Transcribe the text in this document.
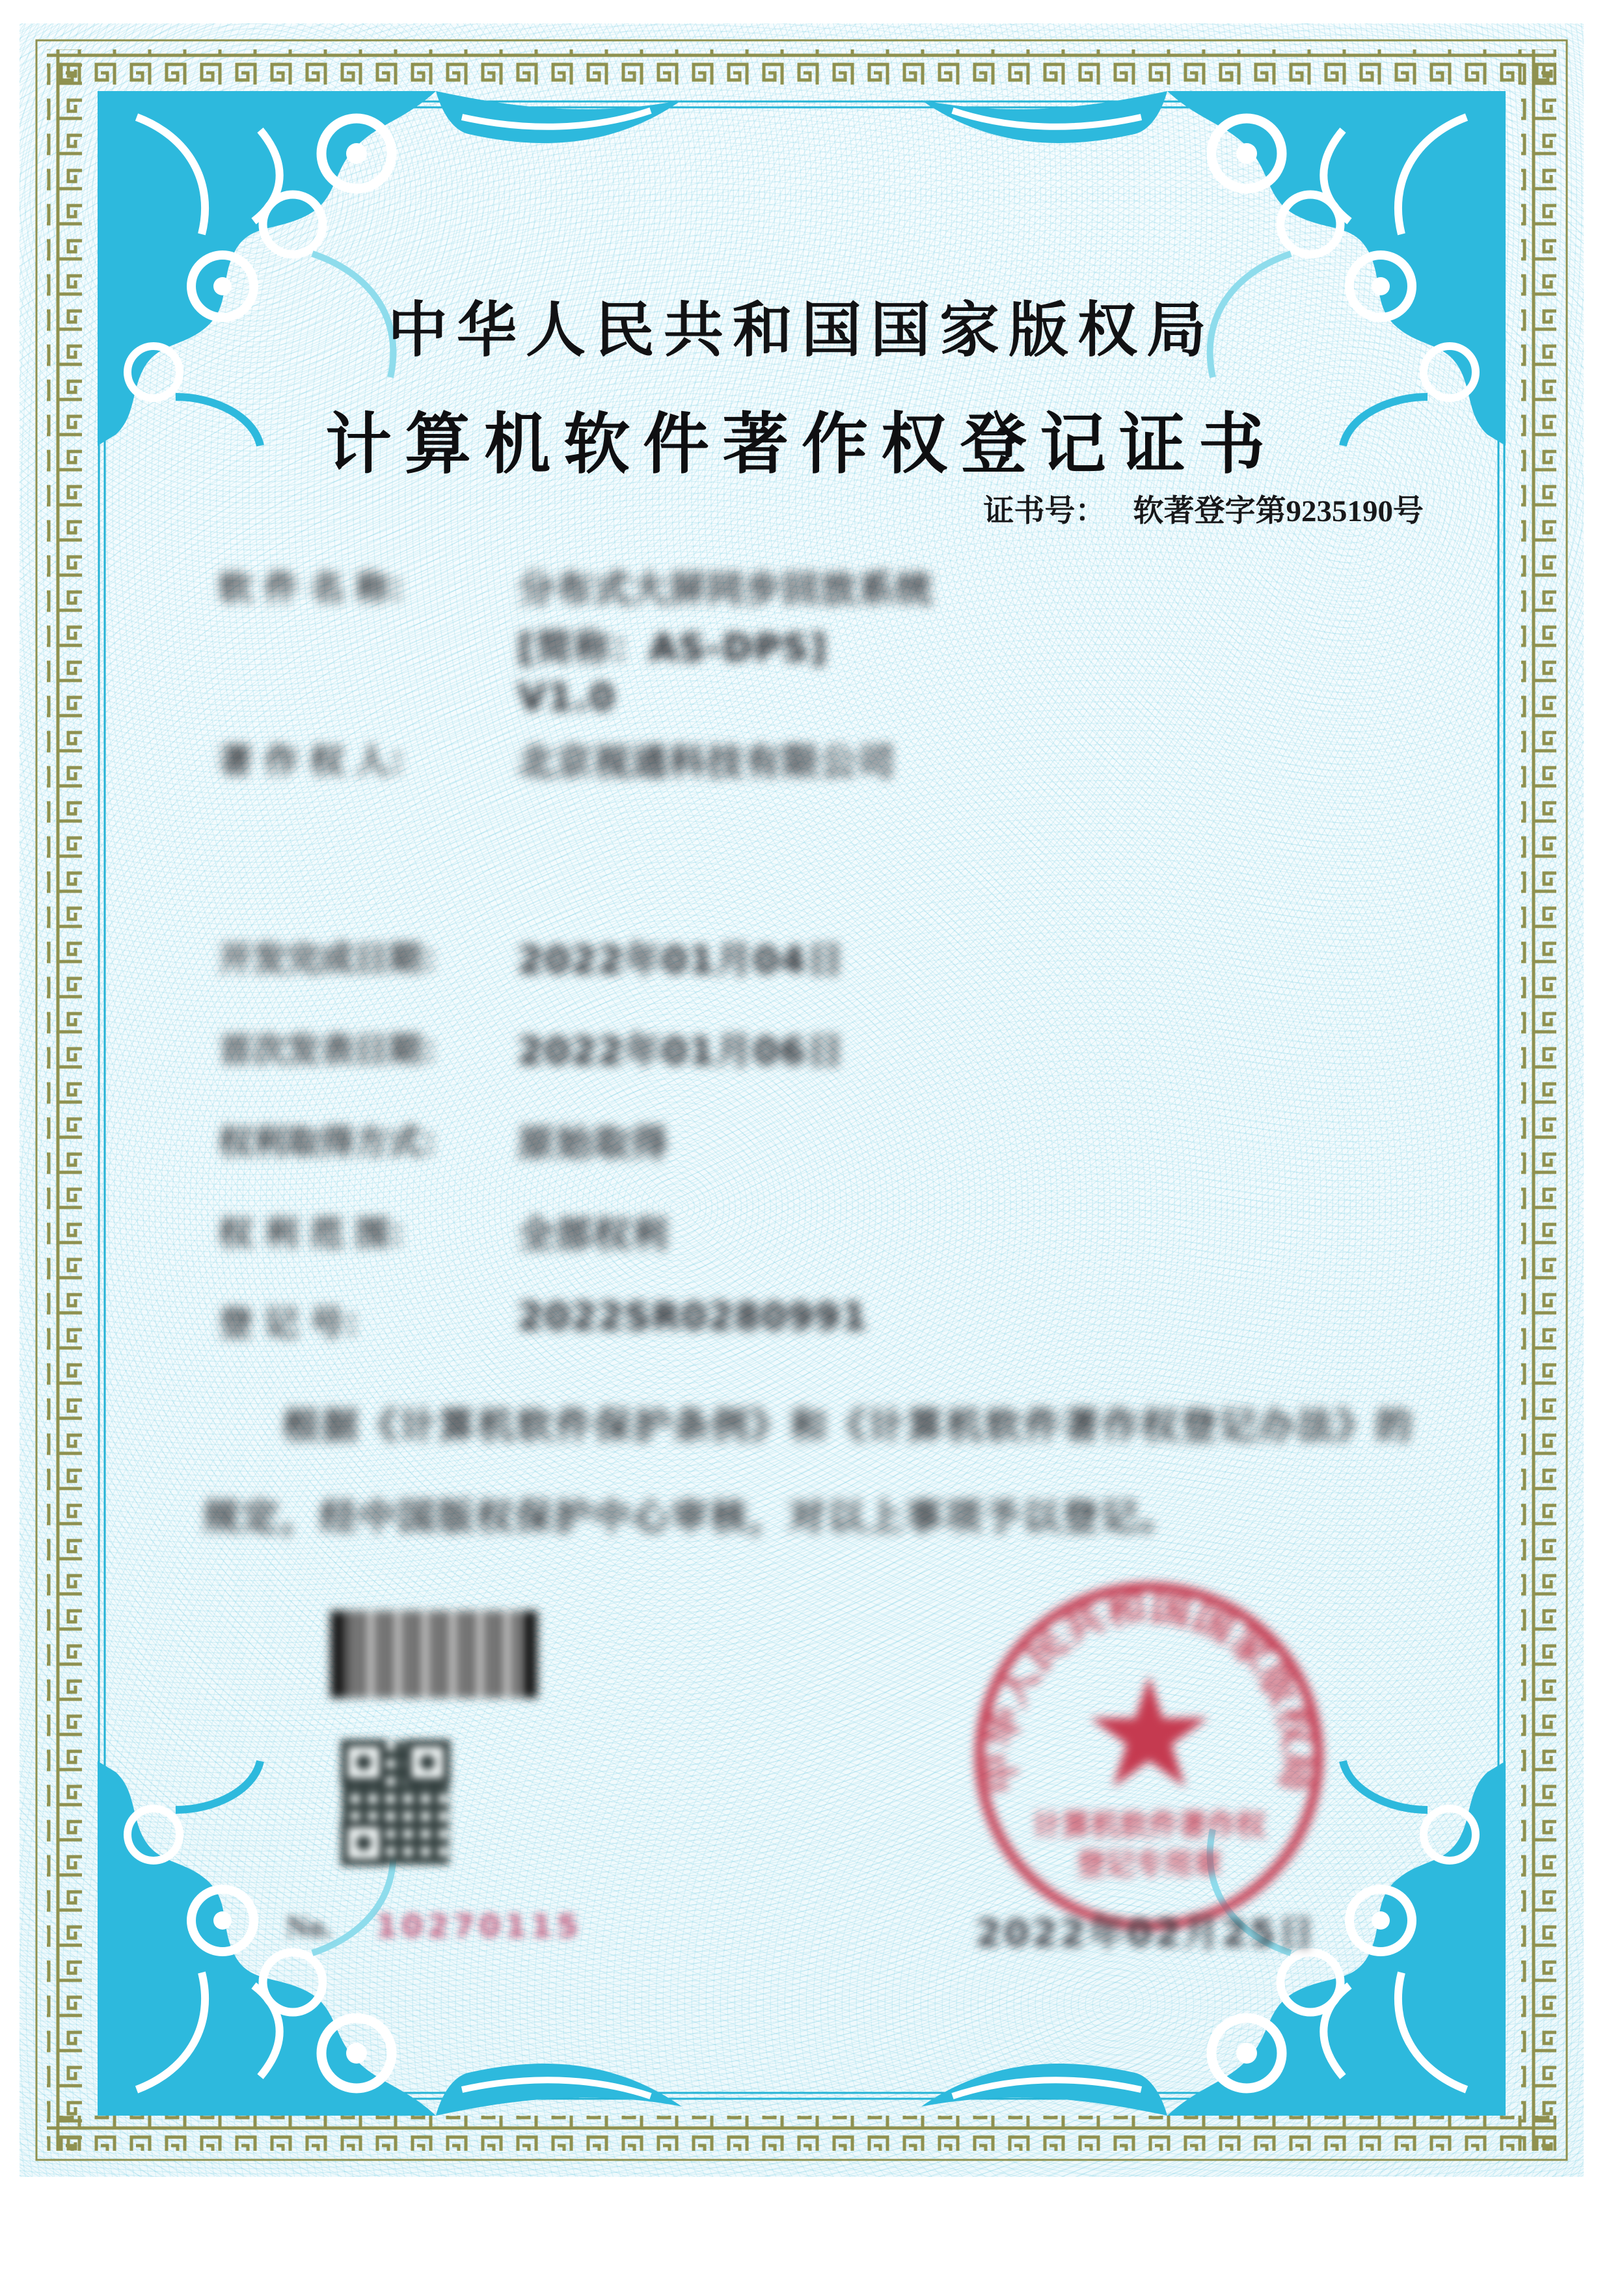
中华人民共和国国家版权局
计算机软件著作权登记证书
证书号： 软著登字第9235190号
软 件 名 称：	分布式大屏同步回放系统
[简称：AS-DPS]
V1.0
著 作 权 人：	北京视通科技有限公司
开发完成日期： 2022年01月04日
首次发表日期： 2022年01月06日
权利取得方式： 原始取得
权 利 范 围：	全部权利
登 记 号：	2022SR0280991
根据《计算机软件保护条例》和《计算机软件著作权登记办法》的
规定，经中国版权保护中心审核，对以上事项予以登记。
No. 10270115
中华人民共和国国家版权局
计算机软件著作权
登记专用章
2022年02月25日
